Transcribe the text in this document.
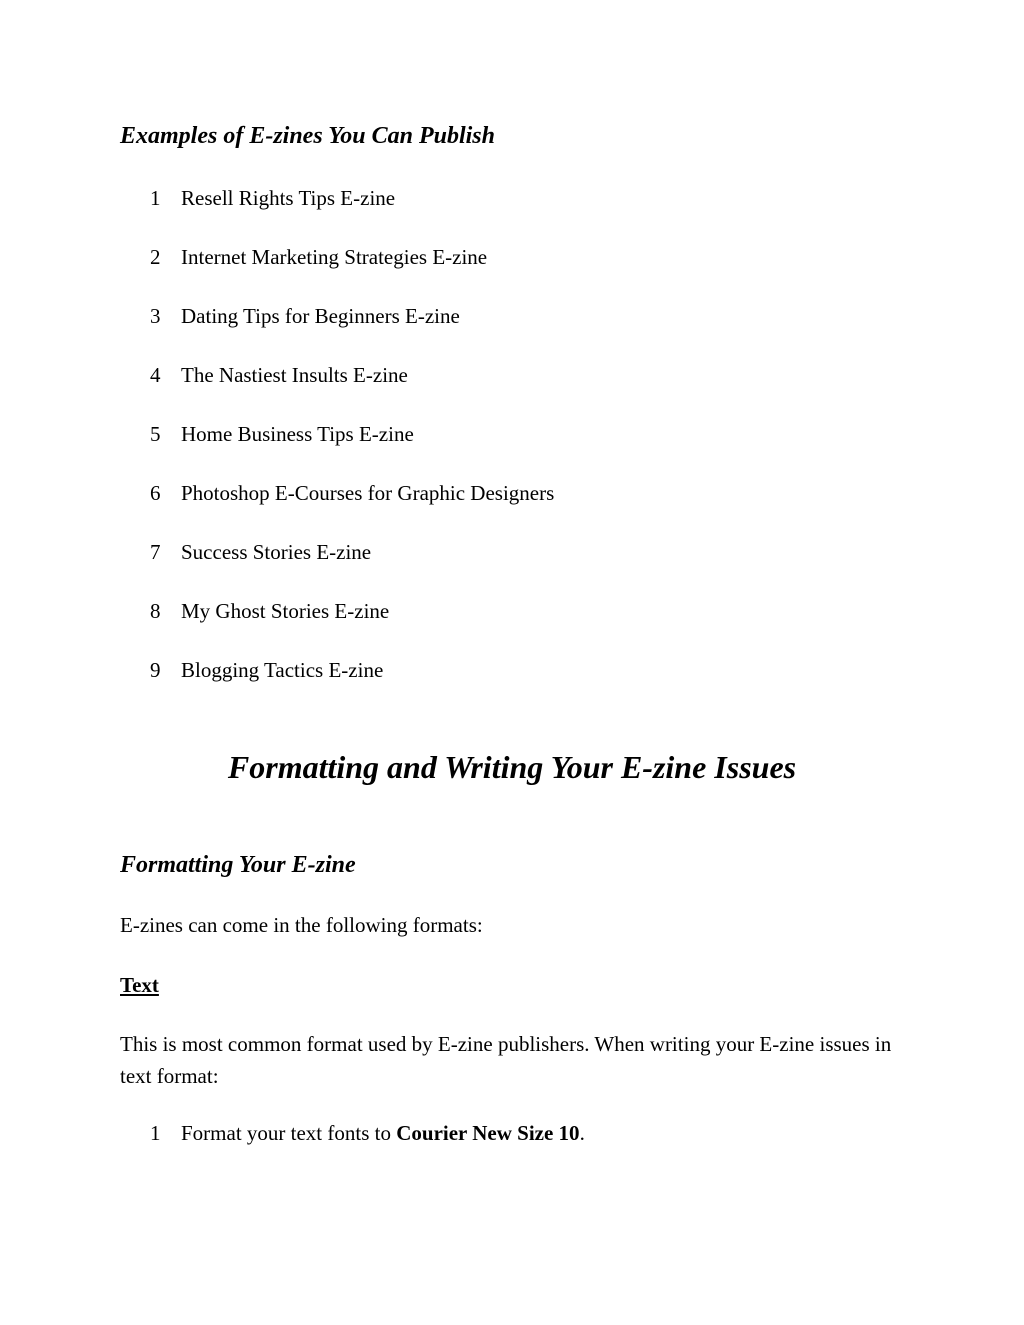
Examples of E-zines You Can Publish
1 Resell Rights Tips E-zine
2 Internet Marketing Strategies E-zine
3 Dating Tips for Beginners E-zine
4 The Nastiest Insults E-zine
5 Home Business Tips E-zine
6 Photoshop E-Courses for Graphic Designers
7 Success Stories E-zine
8 My Ghost Stories E-zine
9 Blogging Tactics E-zine
Formatting and Writing Your E-zine Issues
Formatting Your E-zine
E-zines can come in the following formats:
Text
This is most common format used by E-zine publishers. When writing your E-zine issues in text format:
1 Format your text fonts to Courier New Size 10.
